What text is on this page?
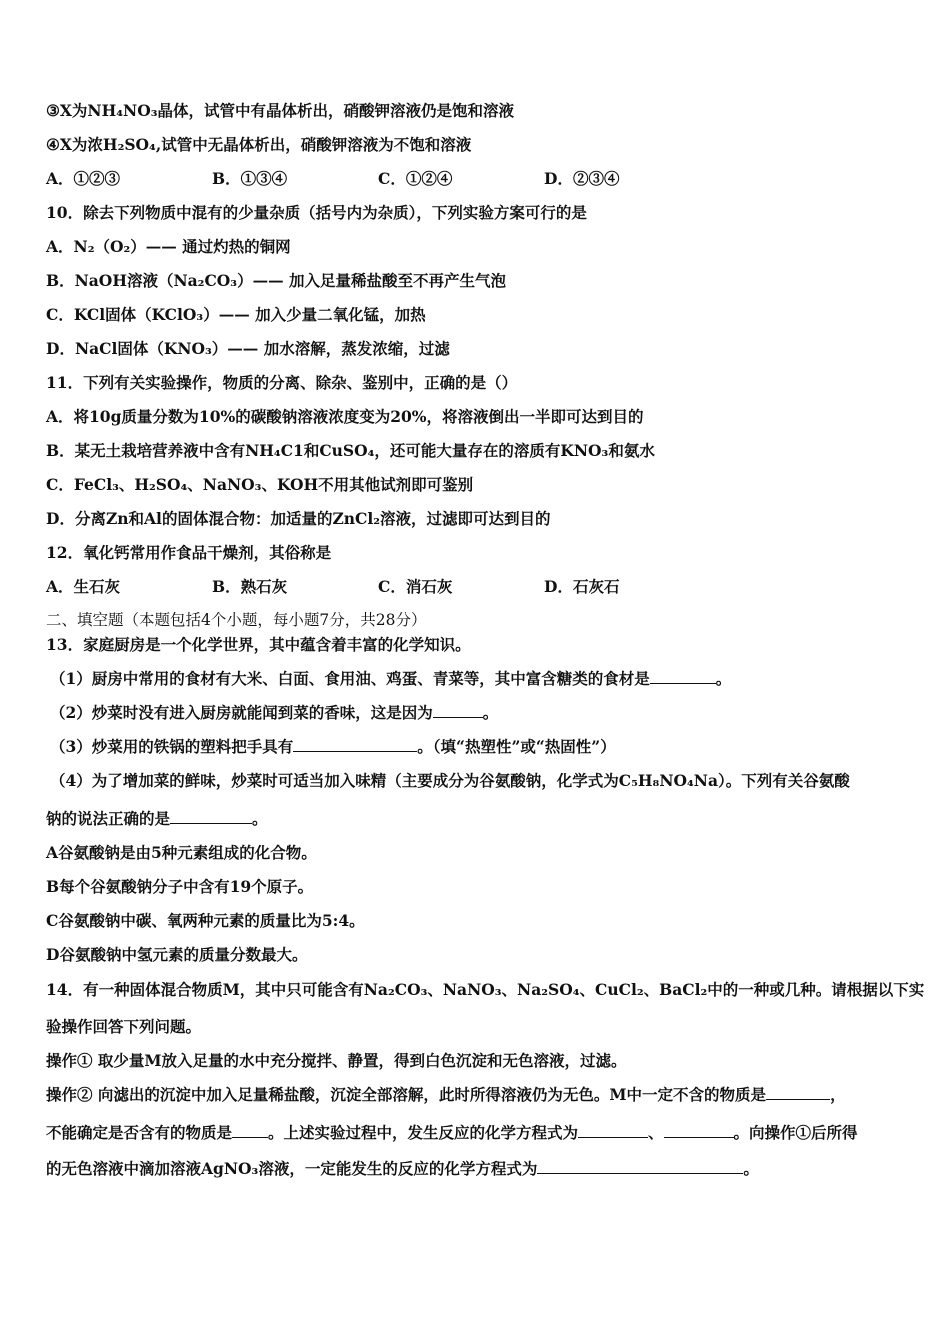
③X为NH₄NO₃晶体，试管中有晶体析出，硝酸钾溶液仍是饱和溶液
④X为浓H₂SO₄,试管中无晶体析出，硝酸钾溶液为不饱和溶液
A．①②③	B．①③④	C．①②④	D．②③④
10．除去下列物质中混有的少量杂质（括号内为杂质），下列实验方案可行的是
A．N₂（O₂）—— 通过灼热的铜网
B．NaOH溶液（Na₂CO₃）—— 加入足量稀盐酸至不再产生气泡
C．KCl固体（KClO₃）—— 加入少量二氧化锰，加热
D．NaCl固体（KNO₃）—— 加水溶解，蒸发浓缩，过滤
11．下列有关实验操作，物质的分离、除杂、鉴别中，正确的是（）
A．将10g质量分数为10%的碳酸钠溶液浓度变为20%，将溶液倒出一半即可达到目的
B．某无土栽培营养液中含有NH₄C1和CuSO₄，还可能大量存在的溶质有KNO₃和氨水
C．FeCl₃、H₂SO₄、NaNO₃、KOH不用其他试剂即可鉴别
D．分离Zn和Al的固体混合物：加适量的ZnCl₂溶液，过滤即可达到目的
12．氧化钙常用作食品干燥剂，其俗称是
A．生石灰	B．熟石灰	C．消石灰	D．石灰石
二、填空题（本题包括4个小题，每小题7分，共28分）
13．家庭厨房是一个化学世界，其中蕴含着丰富的化学知识。
（1）厨房中常用的食材有大米、白面、食用油、鸡蛋、青菜等，其中富含糖类的食材是	。
（2）炒菜时没有进入厨房就能闻到菜的香味，这是因为	。
（3）炒菜用的铁锅的塑料把手具有	。（填“热塑性”或“热固性”）
（4）为了增加菜的鲜味，炒菜时可适当加入味精（主要成分为谷氨酸钠，化学式为C₅H₈NO₄Na）。下列有关谷氨酸
钠的说法正确的是	。
A谷氨酸钠是由5种元素组成的化合物。
B每个谷氨酸钠分子中含有19个原子。
C谷氨酸钠中碳、氧两种元素的质量比为5:4。
D谷氨酸钠中氢元素的质量分数最大。
14．有一种固体混合物质M，其中只可能含有Na₂CO₃、NaNO₃、Na₂SO₄、CuCl₂、BaCl₂中的一种或几种。请根据以下实
验操作回答下列问题。
操作① 取少量M放入足量的水中充分搅拌、静置，得到白色沉淀和无色溶液，过滤。
操作② 向滤出的沉淀中加入足量稀盐酸，沉淀全部溶解，此时所得溶液仍为无色。M中一定不含的物质是	，
不能确定是否含有的物质是 。上述实验过程中，发生反应的化学方程式为	、	。向操作①后所得
的无色溶液中滴加溶液AgNO₃溶液，一定能发生的反应的化学方程式为	。
